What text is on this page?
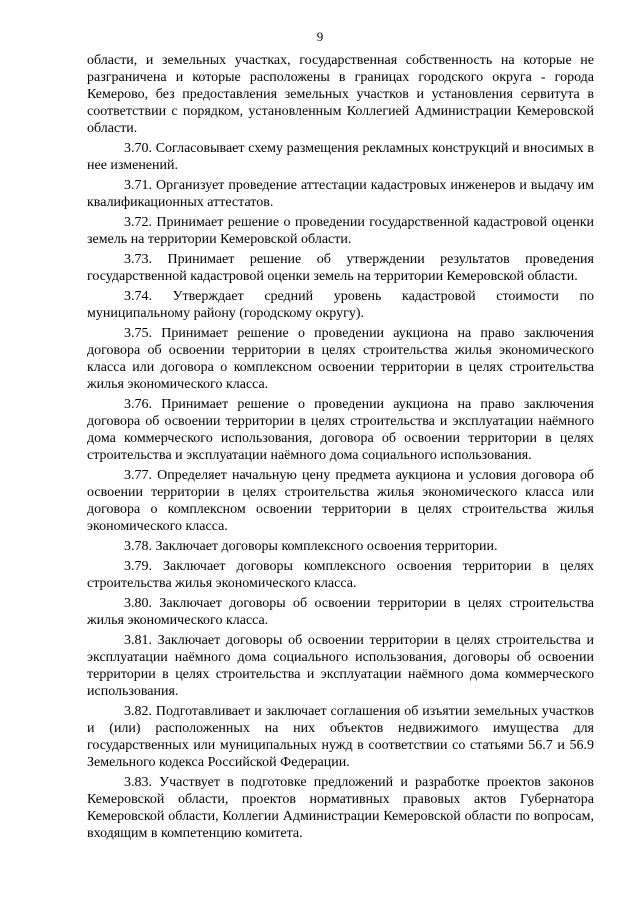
9

области, и земельных участках, государственная собственность на которые не разграничена и которые расположены в границах городского округа - города Кемерово, без предоставления земельных участков и установления сервитута в соответствии с порядком, установленным Коллегией Администрации Кемеровской области.

3.70. Согласовывает схему размещения рекламных конструкций и вносимых в нее изменений.

3.71. Организует проведение аттестации кадастровых инженеров и выдачу им квалификационных аттестатов.

3.72. Принимает решение о проведении государственной кадастровой оценки земель на территории Кемеровской области.

3.73. Принимает решение об утверждении результатов проведения государственной кадастровой оценки земель на территории Кемеровской области.

3.74. Утверждает средний уровень кадастровой стоимости по муниципальному району (городскому округу).

3.75. Принимает решение о проведении аукциона на право заключения договора об освоении территории в целях строительства жилья экономического класса или договора о комплексном освоении территории в целях строительства жилья экономического класса.

3.76. Принимает решение о проведении аукциона на право заключения договора об освоении территории в целях строительства и эксплуатации наёмного дома коммерческого использования, договора об освоении территории в целях строительства и эксплуатации наёмного дома социального использования.

3.77. Определяет начальную цену предмета аукциона и условия договора об освоении территории в целях строительства жилья экономического класса или договора о комплексном освоении территории в целях строительства жилья экономического класса.

3.78. Заключает договоры комплексного освоения территории.

3.79. Заключает договоры комплексного освоения территории в целях строительства жилья экономического класса.

3.80. Заключает договоры об освоении территории в целях строительства жилья экономического класса.

3.81. Заключает договоры об освоении территории в целях строительства и эксплуатации наёмного дома социального использования, договоры об освоении территории в целях строительства и эксплуатации наёмного дома коммерческого использования.

3.82. Подготавливает и заключает соглашения об изъятии земельных участков и (или) расположенных на них объектов недвижимого имущества для государственных или муниципальных нужд в соответствии со статьями 56.7 и 56.9 Земельного кодекса Российской Федерации.

3.83. Участвует в подготовке предложений и разработке проектов законов Кемеровской области, проектов нормативных правовых актов Губернатора Кемеровской области, Коллегии Администрации Кемеровской области по вопросам, входящим в компетенцию комитета.
